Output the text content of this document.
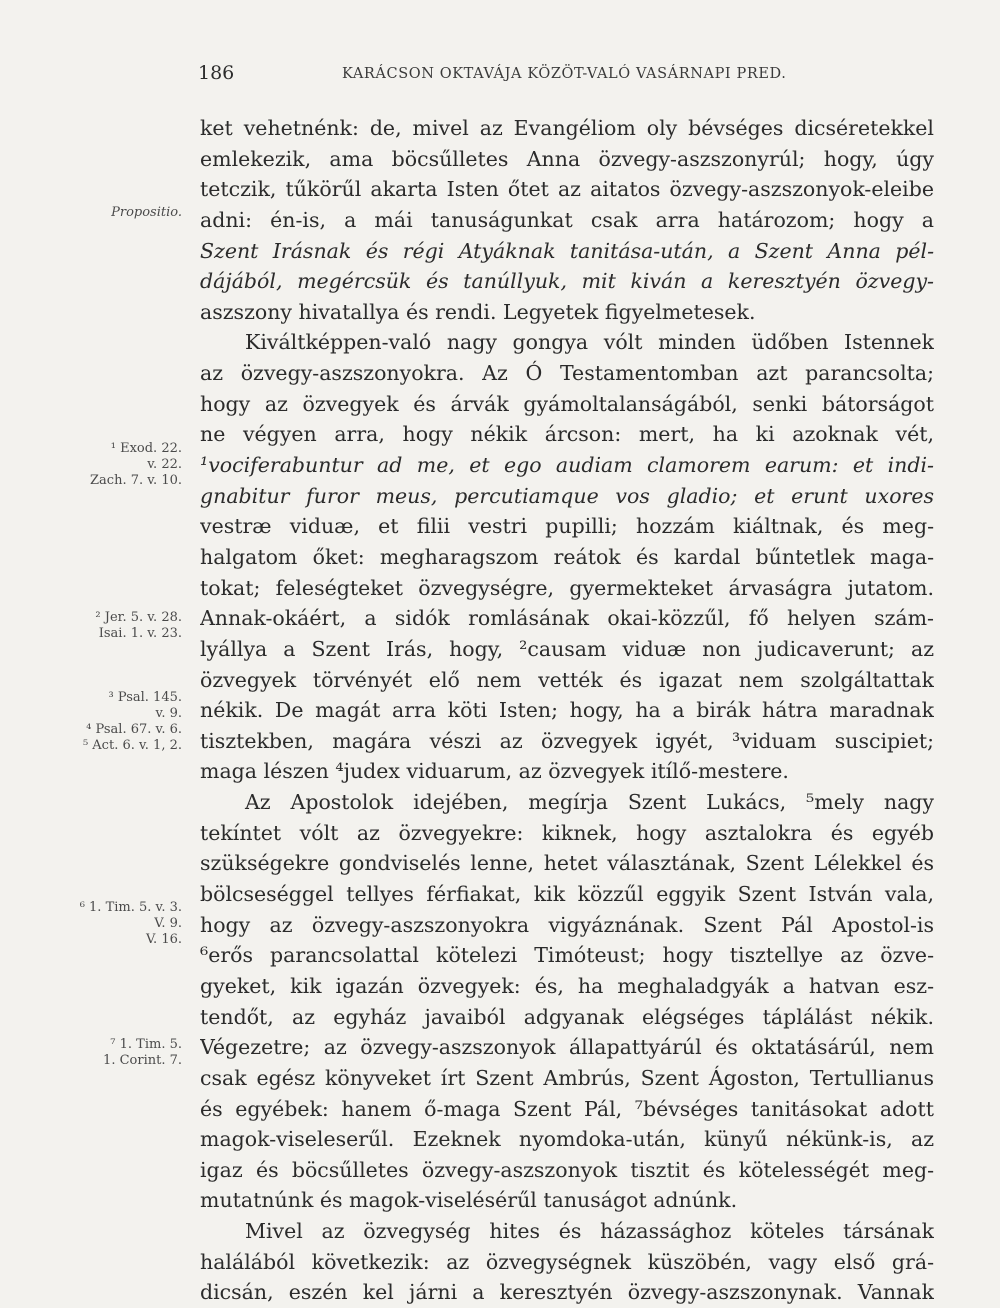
186	KARÁCSON OKTAVÁJA KÖZÖT-VALÓ VASÁRNAPI PRED.
Propositio.
¹ Exod. 22.
v. 22.
Zach. 7. v. 10.
² Jer. 5. v. 28.
Isai. 1. v. 23.
³ Psal. 145.
v. 9.
⁴ Psal. 67. v. 6.
⁵ Act. 6. v. 1, 2.
⁶ 1. Tim. 5. v. 3.
V. 9.
V. 16.
⁷ 1. Tim. 5.
1. Corint. 7.
ket vehetnénk: de, mivel az Evangéliom oly bévséges dicséretekkel
emlekezik, ama böcsűlletes Anna özvegy-aszszonyrúl; hogy, úgy
tetczik, tűkörűl akarta Isten őtet az aitatos özvegy-aszszonyok-eleibe
adni: én-is, a mái tanuságunkat csak arra határozom; hogy a
Szent Irásnak és régi Atyáknak tanitása-után, a Szent Anna pél-
dájából, megércsük és tanúllyuk, mit kiván a keresztyén özvegy-
aszszony hivatallya és rendi. Legyetek figyelmetesek.
Kiváltképpen-való nagy gongya vólt minden üdőben Istennek
az özvegy-aszszonyokra. Az Ó Testamentomban azt parancsolta;
hogy az özvegyek és árvák gyámoltalanságából, senki bátorságot
ne végyen arra, hogy nékik árcson: mert, ha ki azoknak vét,
¹vociferabuntur ad me, et ego audiam clamorem earum: et indi-
gnabitur furor meus, percutiamque vos gladio; et erunt uxores
vestræ viduæ, et filii vestri pupilli; hozzám kiáltnak, és meg-
halgatom őket: megharagszom reátok és kardal bűntetlek maga-
tokat; feleségteket özvegységre, gyermekteket árvaságra jutatom.
Annak-okáért, a sidók romlásának okai-közzűl, fő helyen szám-
lyállya a Szent Irás, hogy, ²causam viduæ non judicaverunt; az
özvegyek törvényét elő nem vették és igazat nem szolgáltattak
nékik. De magát arra köti Isten; hogy, ha a birák hátra maradnak
tisztekben, magára vészi az özvegyek igyét, ³viduam suscipiet;
maga lészen ⁴judex viduarum, az özvegyek itílő-mestere.
Az Apostolok idejében, megírja Szent Lukács, ⁵mely nagy
tekíntet vólt az özvegyekre: kiknek, hogy asztalokra és egyéb
szükségekre gondviselés lenne, hetet választának, Szent Lélekkel és
bölcseséggel tellyes férfiakat, kik közzűl eggyik Szent István vala,
hogy az özvegy-aszszonyokra vigyáznának. Szent Pál Apostol-is
⁶erős parancsolattal kötelezi Timóteust; hogy tisztellye az özve-
gyeket, kik igazán özvegyek: és, ha meghaladgyák a hatvan esz-
tendőt, az egyház javaiból adgyanak elégséges táplálást nékik.
Végezetre; az özvegy-aszszonyok állapattyárúl és oktatásárúl, nem
csak egész könyveket írt Szent Ambrús, Szent Ágoston, Tertullianus
és egyébek: hanem ő-maga Szent Pál, ⁷bévséges tanitásokat adott
magok-viseleserűl. Ezeknek nyomdoka-után, künyű nékünk-is, az
igaz és böcsűlletes özvegy-aszszonyok tisztit és kötelességét meg-
mutatnúnk és magok-viselésérűl tanuságot adnúnk.
Mivel az özvegység hites és házassághoz köteles társának
halálából következik: az özvegységnek küszöbén, vagy első grá-
dicsán, eszén kel járni a keresztyén özvegy-aszszonynak. Vannak
